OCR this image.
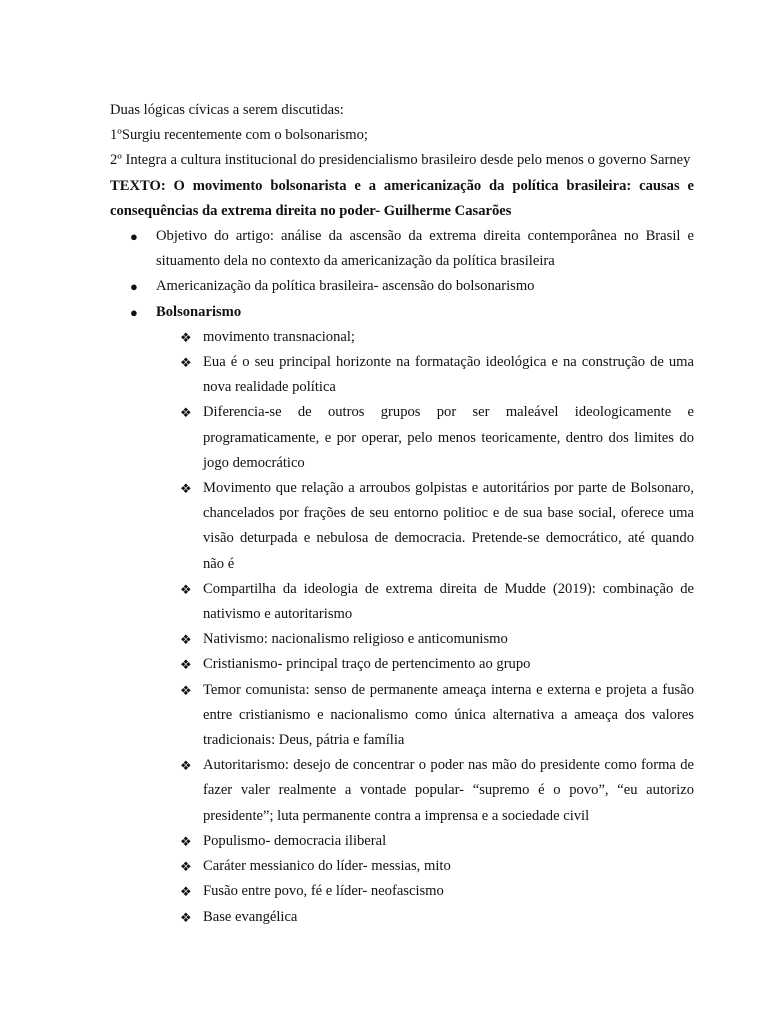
Duas lógicas cívicas a serem discutidas:

1ºSurgiu recentemente com o bolsonarismo;

2º Integra a cultura institucional do presidencialismo brasileiro desde pelo menos o governo Sarney

TEXTO: O movimento bolsonarista e a americanização da política brasileira: causas e consequências da extrema direita no poder- Guilherme Casarões

● Objetivo do artigo: análise da ascensão da extrema direita contemporânea no Brasil e situamento dela no contexto da americanização da política brasileira
● Americanização da política brasileira- ascensão do bolsonarismo
● Bolsonarismo
❖ movimento transnacional;
❖ Eua é o seu principal horizonte na formatação ideológica e na construção de uma nova realidade política
❖ Diferencia-se de outros grupos por ser maleável ideologicamente e programaticamente, e por operar, pelo menos teoricamente, dentro dos limites do jogo democrático
❖ Movimento que relação a arroubos golpistas e autoritários por parte de Bolsonaro, chancelados por frações de seu entorno politioc e de sua base social, oferece uma visão deturpada e nebulosa de democracia. Pretende-se democrático, até quando não é
❖ Compartilha da ideologia de extrema direita de Mudde (2019): combinação de nativismo e autoritarismo
❖ Nativismo: nacionalismo religioso e anticomunismo
❖ Cristianismo- principal traço de pertencimento ao grupo
❖ Temor comunista: senso de permanente ameaça interna e externa e projeta a fusão entre cristianismo e nacionalismo como única alternativa a ameaça dos valores tradicionais: Deus, pátria e família
❖ Autoritarismo: desejo de concentrar o poder nas mão do presidente como forma de fazer valer realmente a vontade popular- “supremo é o povo”, “eu autorizo presidente”; luta permanente contra a imprensa e a sociedade civil
❖ Populismo- democracia iliberal
❖ Caráter messianico do líder- messias, mito
❖ Fusão entre povo, fé e líder- neofascismo
❖ Base evangélica
